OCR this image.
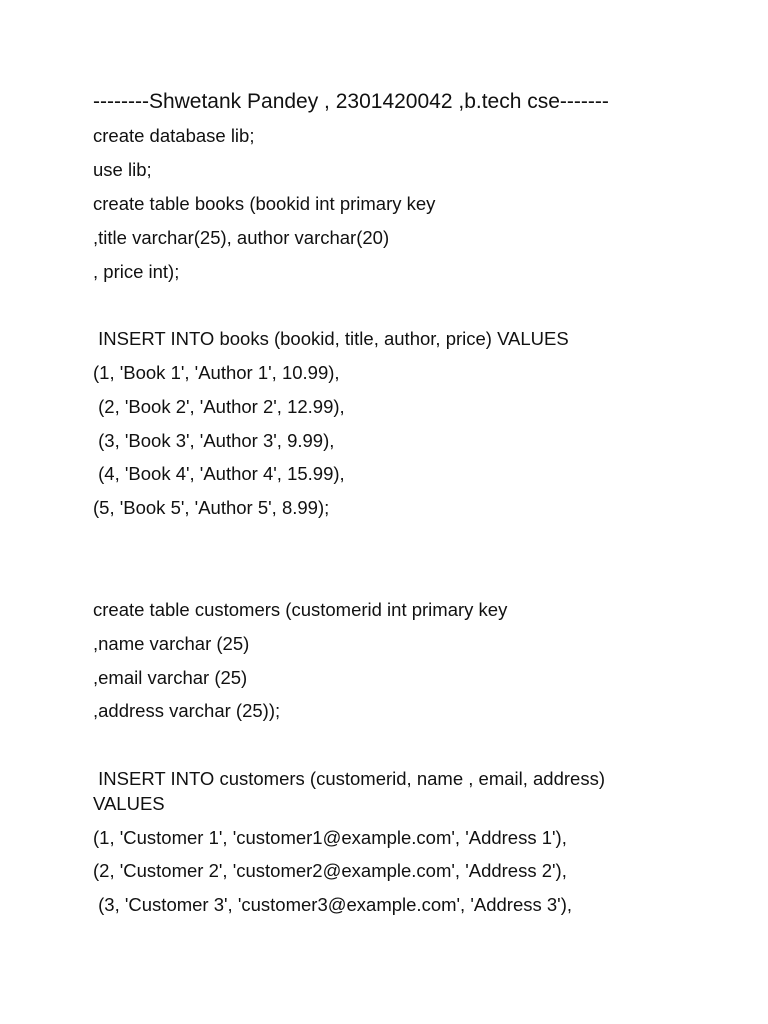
--------Shwetank Pandey , 2301420042 ,b.tech cse-------
create database lib;
use lib;
create table books (bookid int primary key
,title varchar(25), author varchar(20)
, price int);
INSERT INTO books (bookid, title, author, price) VALUES
(1, 'Book 1', 'Author 1', 10.99),
(2, 'Book 2', 'Author 2', 12.99),
(3, 'Book 3', 'Author 3', 9.99),
(4, 'Book 4', 'Author 4', 15.99),
(5, 'Book 5', 'Author 5', 8.99);
create table customers (customerid int primary key
,name varchar (25)
,email varchar (25)
,address varchar (25));
INSERT INTO customers (customerid, name , email, address)
VALUES
(1, 'Customer 1', 'customer1@example.com', 'Address 1'),
(2, 'Customer 2', 'customer2@example.com', 'Address 2'),
(3, 'Customer 3', 'customer3@example.com', 'Address 3'),
